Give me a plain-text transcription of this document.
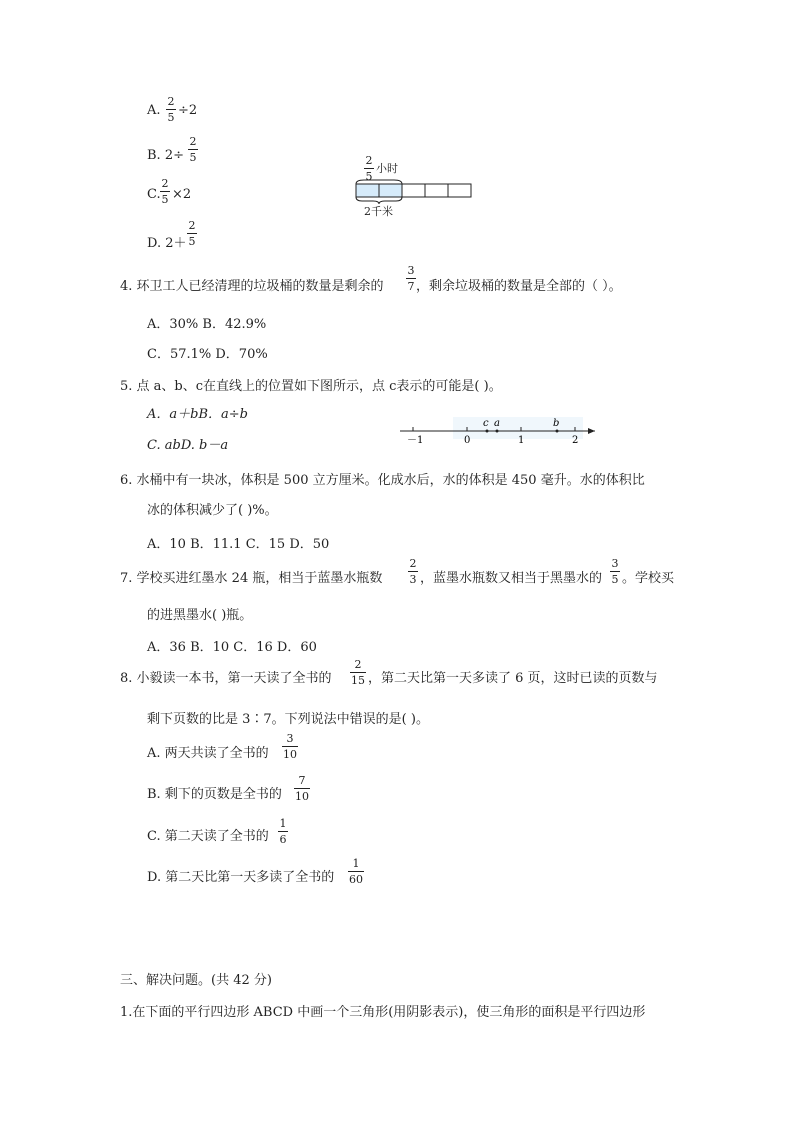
A.
2
5 ÷2
B. 2÷
2
5
C.
2
5 ×2
D. 2＋
2
5
2
5
小时
2千米
4. 环卫工人已经清理的垃圾桶的数量是剩余的
3
7 ，剩余垃圾桶的数量是全部的（ ）。
A．30% B．42.9%
C．57.1% D．70%
5. 点 a、b、c在直线上的位置如下图所示，点 c表示的可能是( )。
A．a＋bB．a÷b
C. abD. b－a	－1	0	1	2
c a	b
6. 水桶中有一块冰，体积是 500 立方厘米。化成水后，水的体积是 450 毫升。水的体积比
冰的体积减少了( )%。
A．10 B．11.1 C．15 D．50
7. 学校买进红墨水 24 瓶，相当于蓝墨水瓶数
2
3 ，蓝墨水瓶数又相当于黑墨水的
3
5 。学校买
的进黑墨水( )瓶。
A．36 B．10 C．16 D．60
8. 小毅读一本书，第一天读了全书的
2
15 ，第二天比第一天多读了 6 页，这时已读的页数与
剩下页数的比是 3∶7。下列说法中错误的是( )。
A. 两天共读了全书的
3
10
B. 剩下的页数是全书的
7
10
C. 第二天读了全书的
1
6
D. 第二天比第一天多读了全书的
1
60
三、解决问题。(共 42 分)
1.在下面的平行四边形 ABCD 中画一个三角形(用阴影表示)，使三角形的面积是平行四边形
